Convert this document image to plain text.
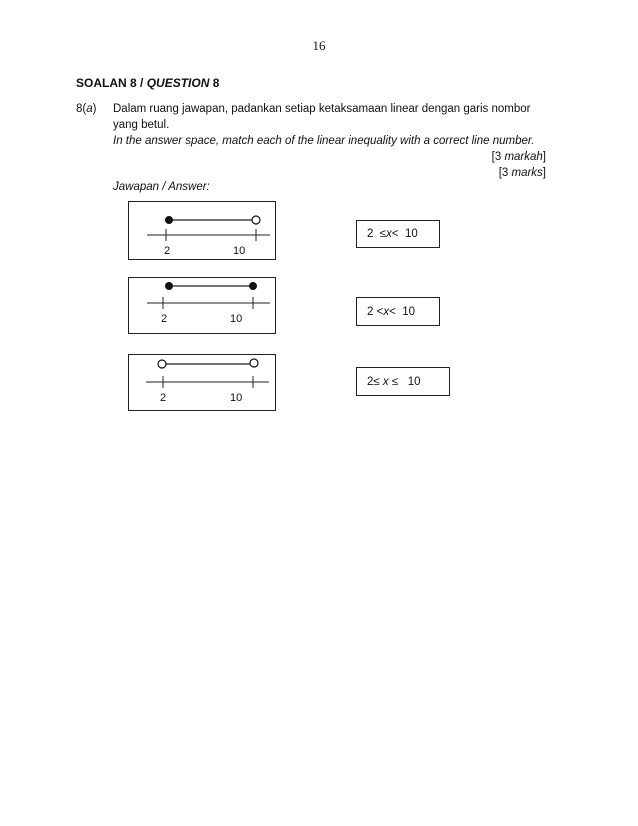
16
SOALAN 8 / QUESTION 8
8(a) Dalam ruang jawapan, padankan setiap ketaksamaan linear dengan garis nombor
yang betul.
In the answer space, match each of the linear inequality with a correct line number.
[3 markah]
[3 marks]
Jawapan / Answer:
2	10
2	10
2	10
2
≤ x <
10
2
< x <
10
2 ≤
x
≤
10
